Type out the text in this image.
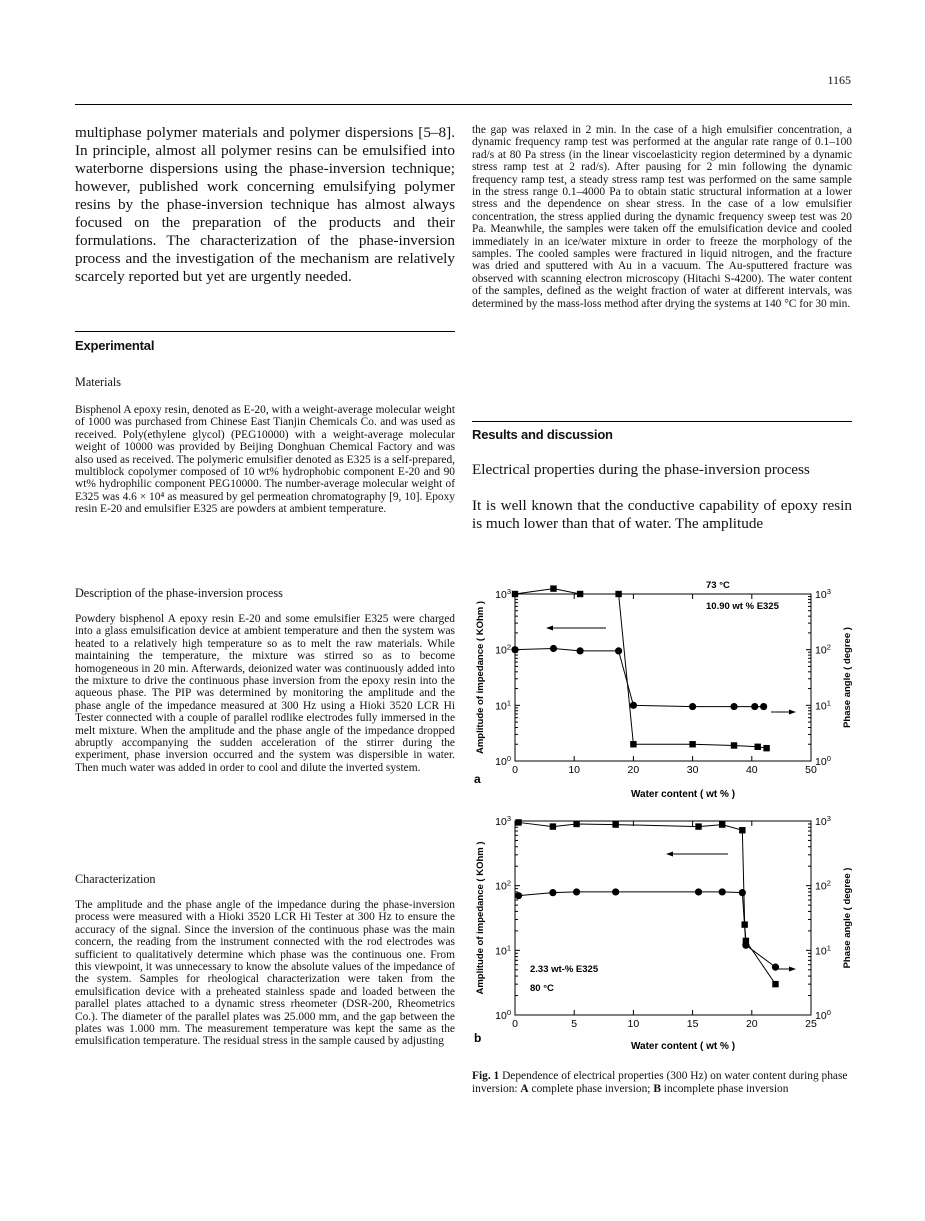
1165
multiphase polymer materials and polymer dispersions [5–8]. In principle, almost all polymer resins can be emulsified into waterborne dispersions using the phase-inversion technique; however, published work concerning emulsifying polymer resins by the phase-inversion technique has almost always focused on the preparation of the products and their formulations. The characterization of the phase-inversion process and the investigation of the mechanism are relatively scarcely reported but yet are urgently needed.
Experimental
Materials
Bisphenol A epoxy resin, denoted as E-20, with a weight-average molecular weight of 1000 was purchased from Chinese East Tianjin Chemicals Co. and was used as received. Poly(ethylene glycol) (PEG10000) with a weight-average molecular weight of 10000 was provided by Beijing Donghuan Chemical Factory and was also used as received. The polymeric emulsifier denoted as E325 is a self-prepared, multiblock copolymer composed of 10 wt% hydrophobic component E-20 and 90 wt% hydrophilic component PEG10000. The number-average molecular weight of E325 was 4.6 × 10⁴ as measured by gel permeation chromatography [9, 10]. Epoxy resin E-20 and emulsifier E325 are powders at ambient temperature.
Description of the phase-inversion process
Powdery bisphenol A epoxy resin E-20 and some emulsifier E325 were charged into a glass emulsification device at ambient temperature and then the system was heated to a relatively high temperature so as to melt the raw materials. While maintaining the temperature, the mixture was stirred so as to become homogeneous in 20 min. Afterwards, deionized water was continuously added into the mixture to drive the continuous phase inversion from the epoxy resin into the aqueous phase. The PIP was determined by monitoring the amplitude and the phase angle of the impedance measured at 300 Hz using a Hioki 3520 LCR Hi Tester connected with a couple of parallel rodlike electrodes fully immersed in the melt mixture. When the amplitude and the phase angle of the impedance dropped abruptly accompanying the sudden acceleration of the stirrer during the experiment, phase inversion occurred and the system was dispersible in water. Then much water was added in order to cool and dilute the inverted system.
Characterization
The amplitude and the phase angle of the impedance during the phase-inversion process were measured with a Hioki 3520 LCR Hi Tester at 300 Hz to ensure the accuracy of the signal. Since the inversion of the continuous phase was the main concern, the reading from the instrument connected with the rod electrodes was sufficient to qualitatively determine which phase was the continuous one. From this viewpoint, it was unnecessary to know the absolute values of the impedance of the system. Samples for rheological characterization were taken from the emulsification device with a preheated stainless spade and loaded between the parallel plates attached to a dynamic stress rheometer (DSR-200, Rheometrics Co.). The diameter of the parallel plates was 25.000 mm, and the gap between the plates was 1.000 mm. The measurement temperature was kept the same as the emulsification temperature. The residual stress in the sample caused by adjusting
the gap was relaxed in 2 min. In the case of a high emulsifier concentration, a dynamic frequency ramp test was performed at the angular rate range of 0.1–100 rad/s at 80 Pa stress (in the linear viscoelasticity region determined by a dynamic stress ramp test at 2 rad/s). After pausing for 2 min following the dynamic frequency ramp test, a steady stress ramp test was performed on the same sample in the stress range 0.1–4000 Pa to obtain static structural information at a lower stress and the dependence on shear stress. In the case of a low emulsifier concentration, the stress applied during the dynamic frequency sweep test was 20 Pa. Meanwhile, the samples were taken off the emulsification device and cooled immediately in an ice/water mixture in order to freeze the morphology of the samples. The cooled samples were fractured in liquid nitrogen, and the fracture was dried and sputtered with Au in a vacuum. The Au-sputtered fracture was observed with scanning electron microscopy (Hitachi S-4200). The water content of the samples, defined as the weight fraction of water at different intervals, was determined by the mass-loss method after drying the systems at 140 °C for 30 min.
Results and discussion
Electrical properties during the phase-inversion process
It is well known that the conductive capability of epoxy resin is much lower than that of water. The amplitude
0	10	20	30	40	50
$10^0$	$10^0$
$10^1$	$10^1$
$10^2$	$10^2$
$10^3$	$10^3$
Water content ( wt % )
Amplitude of impedance ( KOhm )	Phase angle ( degree )
a
73 °C
10.90 wt % E325
0	5	10	15	20	25
$10^0$	$10^0$
$10^1$	$10^1$
$10^2$	$10^2$
$10^3$	$10^3$
Water content ( wt % )
Amplitude of impedance ( KOhm )	Phase angle ( degree )
b
2.33 wt-% E325
80 °C
Fig. 1 Dependence of electrical properties (300 Hz) on water content during phase inversion: A complete phase inversion; B incomplete phase inversion
